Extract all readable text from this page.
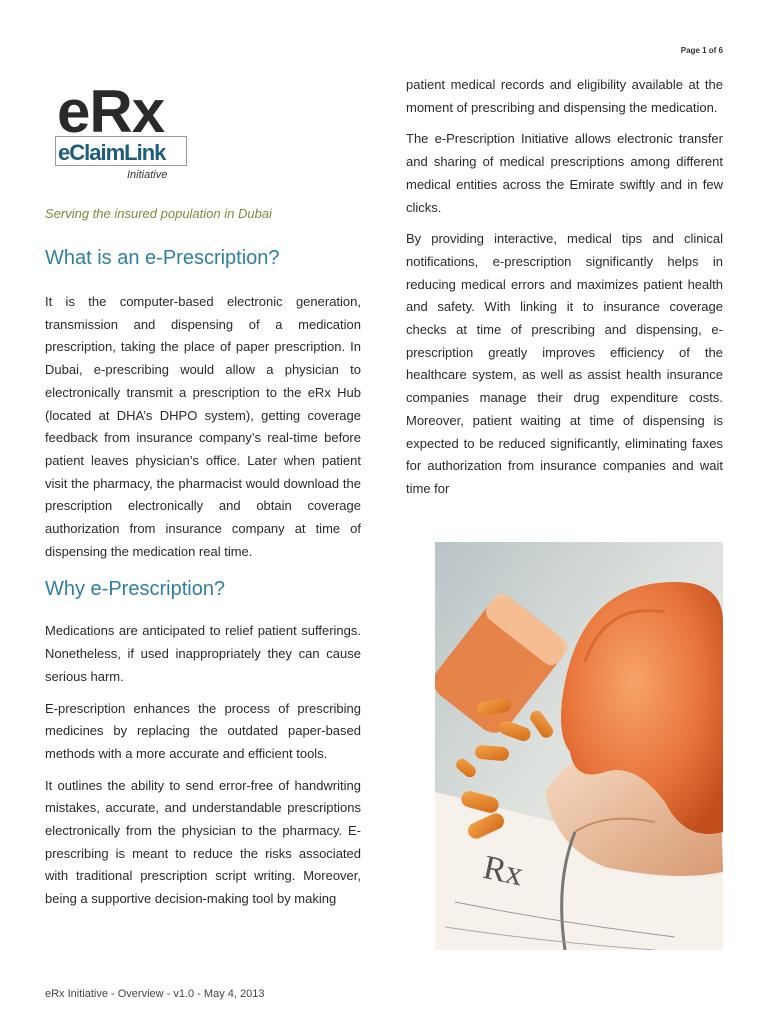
Page 1 of 6
eRx
eClaimLink
Initiative
Serving the insured population in Dubai
What is an e-Prescription?

It is the computer-based electronic generation, transmission and dispensing of a medication prescription, taking the place of paper prescription. In Dubai, e-prescribing would allow a physician to electronically transmit a prescription to the eRx Hub (located at DHA’s DHPO system), getting coverage feedback from insurance company’s real-time before patient leaves physician’s office. Later when patient visit the pharmacy, the pharmacist would download the prescription electronically and obtain coverage authorization from insurance company at time of dispensing the medication real time.

Why e-Prescription?

Medications are anticipated to relief patient sufferings. Nonetheless, if used inappropriately they can cause serious harm.

E-prescription enhances the process of prescribing medicines by replacing the outdated paper-based methods with a more accurate and efficient tools.

It outlines the ability to send error-free of handwriting mistakes, accurate, and understandable prescriptions electronically from the physician to the pharmacy. E-prescribing is meant to reduce the risks associated with traditional prescription script writing. Moreover, being a supportive decision-making tool by making

patient medical records and eligibility available at the moment of prescribing and dispensing the medication.

The e-Prescription Initiative allows electronic transfer and sharing of medical prescriptions among different medical entities across the Emirate swiftly and in few clicks.

By providing interactive, medical tips and clinical notifications, e-prescription significantly helps in reducing medical errors and maximizes patient health and safety. With linking it to insurance coverage checks at time of prescribing and dispensing, e-prescription greatly improves efficiency of the healthcare system, as well as assist health insurance companies manage their drug expenditure costs. Moreover, patient waiting at time of dispensing is expected to be reduced significantly, eliminating faxes for authorization from insurance companies and wait time for

Rx
eRx Initiative - Overview - v1.0 - May 4, 2013
